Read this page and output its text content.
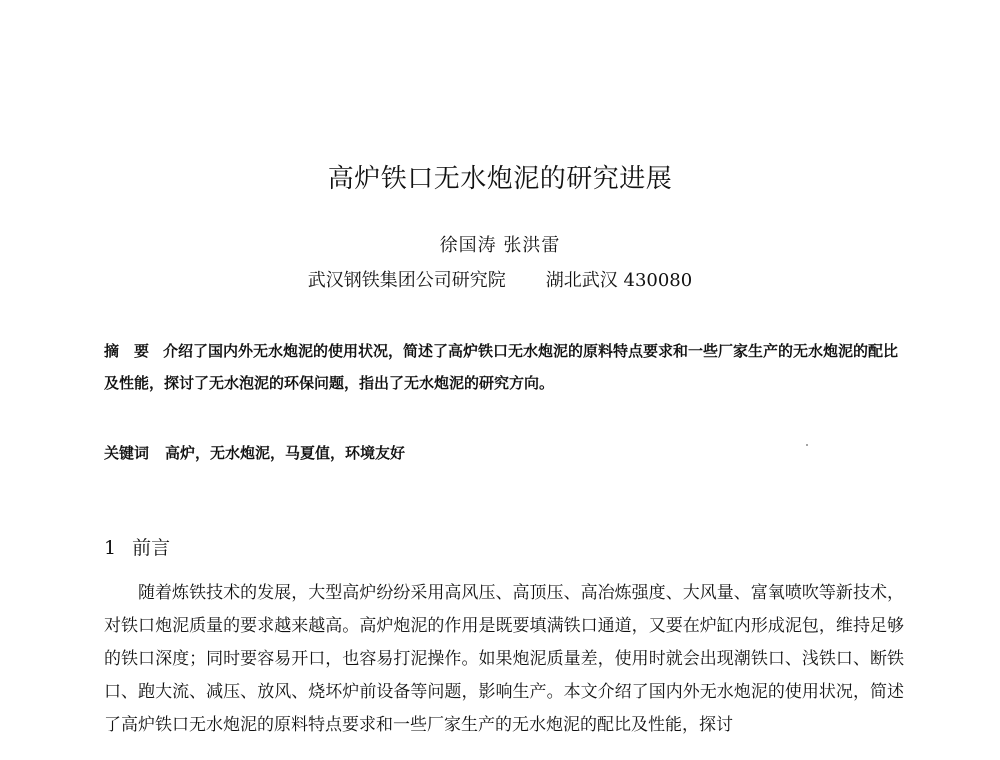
高炉铁口无水炮泥的研究进展
徐国涛 张洪雷
武汉钢铁集团公司研究院 湖北武汉 430080
摘　要 介绍了国内外无水炮泥的使用状况，简述了高炉铁口无水炮泥的原料特点要求和一些厂家生产的无水炮泥的配比及性能，探讨了无水泡泥的环保问题，指出了无水炮泥的研究方向。
关键词 高炉，无水炮泥，马夏值，环境友好
1 前言
随着炼铁技术的发展，大型高炉纷纷采用高风压、高顶压、高冶炼强度、大风量、富氧喷吹等新技术，对铁口炮泥质量的要求越来越高。高炉炮泥的作用是既要填满铁口通道，又要在炉缸内形成泥包，维持足够的铁口深度；同时要容易开口，也容易打泥操作。如果炮泥质量差，使用时就会出现潮铁口、浅铁口、断铁口、跑大流、减压、放风、烧坏炉前设备等问题，影响生产。本文介绍了国内外无水炮泥的使用状况，简述了高炉铁口无水炮泥的原料特点要求和一些厂家生产的无水炮泥的配比及性能，探讨
